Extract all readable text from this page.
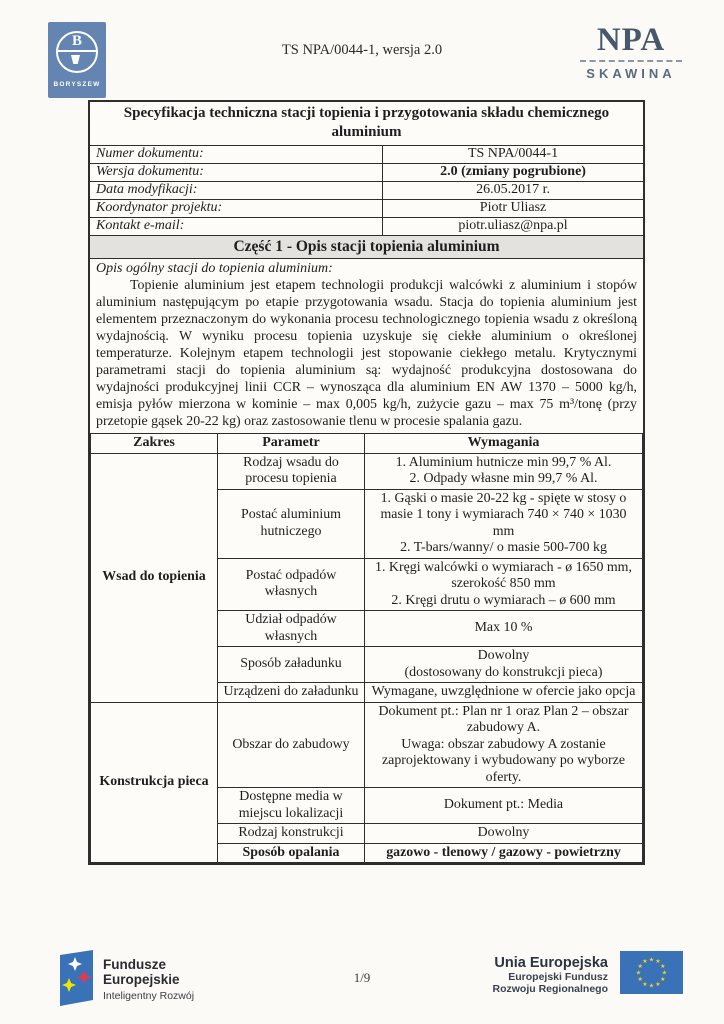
B
BORYSZEW
TS NPA/0044-1, wersja 2.0	NPA
SKAWINA
Specyfikacja techniczna stacji topienia i przygotowania składu chemicznego aluminium
Numer dokumentu:	TS NPA/0044-1
Wersja dokumentu:	2.0 (zmiany pogrubione)
Data modyfikacji:	26.05.2017 r.
Koordynator projektu:	Piotr Uliasz
Kontakt e-mail:	piotr.uliasz@npa.pl
Część 1 - Opis stacji topienia aluminium
Opis ogólny stacji do topienia aluminium:

Topienie aluminium jest etapem technologii produkcji walcówki z aluminium i stopów aluminium następującym po etapie przygotowania wsadu. Stacja do topienia aluminium jest elementem przeznaczonym do wykonania procesu technologicznego topienia wsadu z określoną wydajnością. W wyniku procesu topienia uzyskuje się ciekłe aluminium o określonej temperaturze. Kolejnym etapem technologii jest stopowanie ciekłego metalu. Krytycznymi parametrami stacji do topienia aluminium są: wydajność produkcyjna dostosowana do wydajności produkcyjnej linii CCR – wynosząca dla aluminium EN AW 1370 – 5000 kg/h, emisja pyłów mierzona w kominie – max 0,005 kg/h, zużycie gazu – max 75 m³/tonę (przy przetopie gąsek 20-22 kg) oraz zastosowanie tlenu w procesie spalania gazu.

Zakres	Parametr	Wymagania
Wsad do topienia	Rodzaj wsadu do procesu topienia	1. Aluminium hutnicze min 99,7 % Al.
2. Odpady własne min 99,7 % Al.

	Postać aluminium hutniczego	1. Gąski o masie 20-22 kg - spięte w stosy o masie 1 tony i wymiarach 740 × 740 × 1030 mm
2. T-bars/wanny/ o masie 500-700 kg

	Postać odpadów własnych	1. Kręgi walcówki o wymiarach - ø 1650 mm, szerokość 850 mm
2. Kręgi drutu o wymiarach – ø 600 mm

	Udział odpadów własnych	Max 10 %

	Sposób załadunku	Dowolny
(dostosowany do konstrukcji pieca)

	Urządzeni do załadunku	Wymagane, uwzględnione w ofercie jako opcja

Konstrukcja pieca	Obszar do zabudowy	Dokument pt.: Plan nr 1 oraz Plan 2 – obszar zabudowy A.
Uwaga: obszar zabudowy A zostanie zaprojektowany i wybudowany po wyborze oferty.

	Dostępne media w miejscu lokalizacji	Dokument pt.: Media

	Rodzaj konstrukcji	Dowolny

	Sposób opalania	gazowo - tlenowy / gazowy - powietrzny
Fundusze
Europejskie
Inteligentny Rozwój
1/9
Unia Europejska
Europejski Fundusz
Rozwoju Regionalnego
★ ★
★
★
★
★
★
★
★
★
★
★
